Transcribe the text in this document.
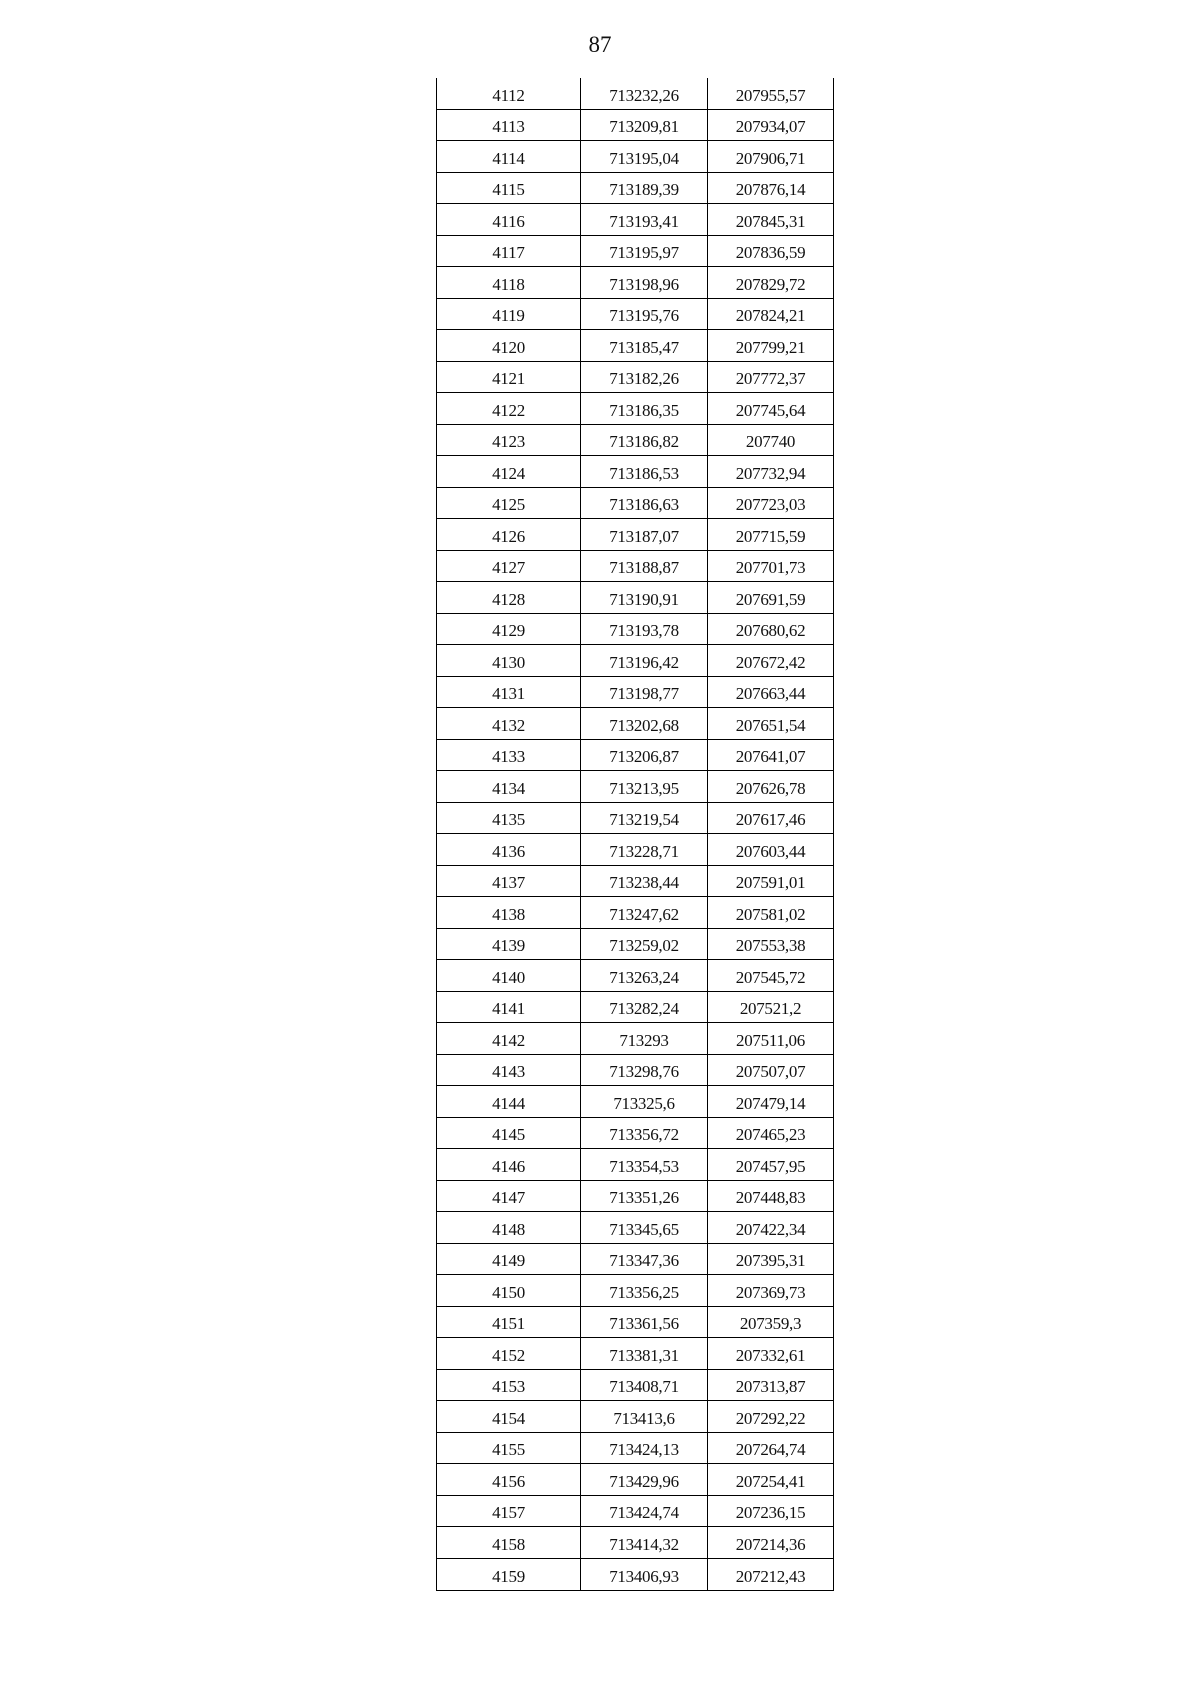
87
4112	713232,26	207955,57
4113	713209,81	207934,07
4114	713195,04	207906,71
4115	713189,39	207876,14
4116	713193,41	207845,31
4117	713195,97	207836,59
4118	713198,96	207829,72
4119	713195,76	207824,21
4120	713185,47	207799,21
4121	713182,26	207772,37
4122	713186,35	207745,64
4123	713186,82	207740
4124	713186,53	207732,94
4125	713186,63	207723,03
4126	713187,07	207715,59
4127	713188,87	207701,73
4128	713190,91	207691,59
4129	713193,78	207680,62
4130	713196,42	207672,42
4131	713198,77	207663,44
4132	713202,68	207651,54
4133	713206,87	207641,07
4134	713213,95	207626,78
4135	713219,54	207617,46
4136	713228,71	207603,44
4137	713238,44	207591,01
4138	713247,62	207581,02
4139	713259,02	207553,38
4140	713263,24	207545,72
4141	713282,24	207521,2
4142	713293	207511,06
4143	713298,76	207507,07
4144	713325,6	207479,14
4145	713356,72	207465,23
4146	713354,53	207457,95
4147	713351,26	207448,83
4148	713345,65	207422,34
4149	713347,36	207395,31
4150	713356,25	207369,73
4151	713361,56	207359,3
4152	713381,31	207332,61
4153	713408,71	207313,87
4154	713413,6	207292,22
4155	713424,13	207264,74
4156	713429,96	207254,41
4157	713424,74	207236,15
4158	713414,32	207214,36
4159	713406,93	207212,43
